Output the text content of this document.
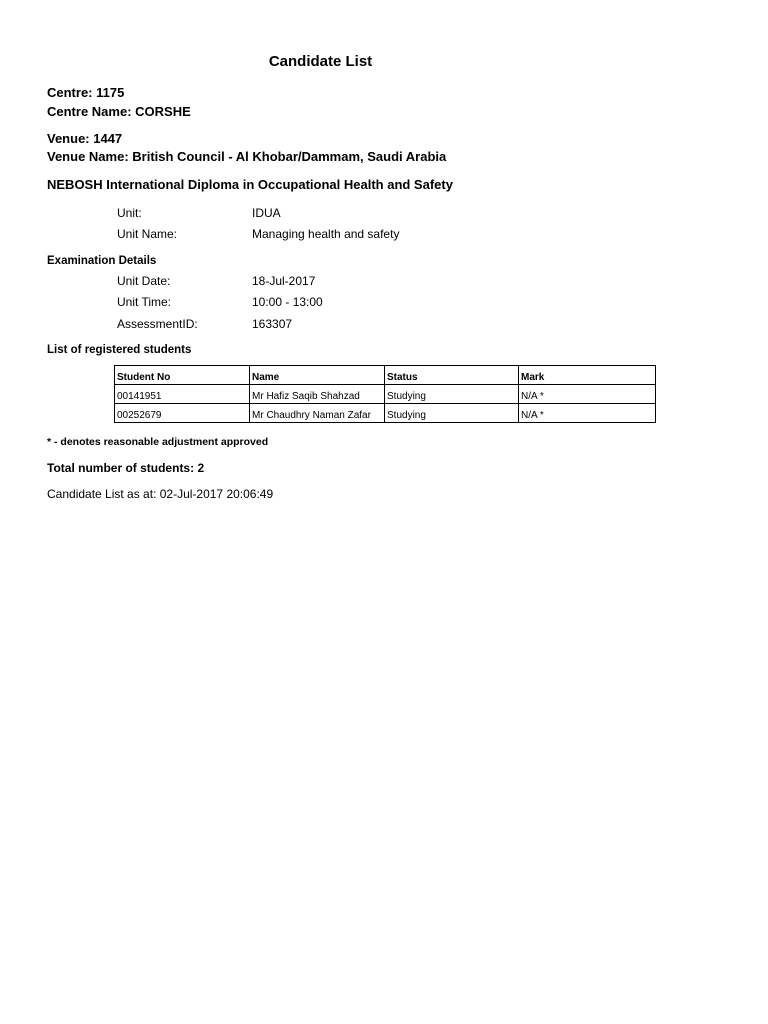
Candidate List
Centre: 1175
Centre Name: CORSHE
Venue: 1447
Venue Name: British Council - Al Khobar/Dammam, Saudi Arabia
NEBOSH International Diploma in Occupational Health and Safety
Unit:	IDUA
Unit Name:	Managing health and safety
Examination Details
Unit Date:	18-Jul-2017
Unit Time:	10:00 - 13:00
AssessmentID:	163307
List of registered students
Student No	Name	Status	Mark
00141951	Mr Hafiz Saqib Shahzad	Studying	N/A *
00252679	Mr Chaudhry Naman Zafar	Studying	N/A *
* - denotes reasonable adjustment approved
Total number of students: 2
Candidate List as at: 02-Jul-2017 20:06:49
